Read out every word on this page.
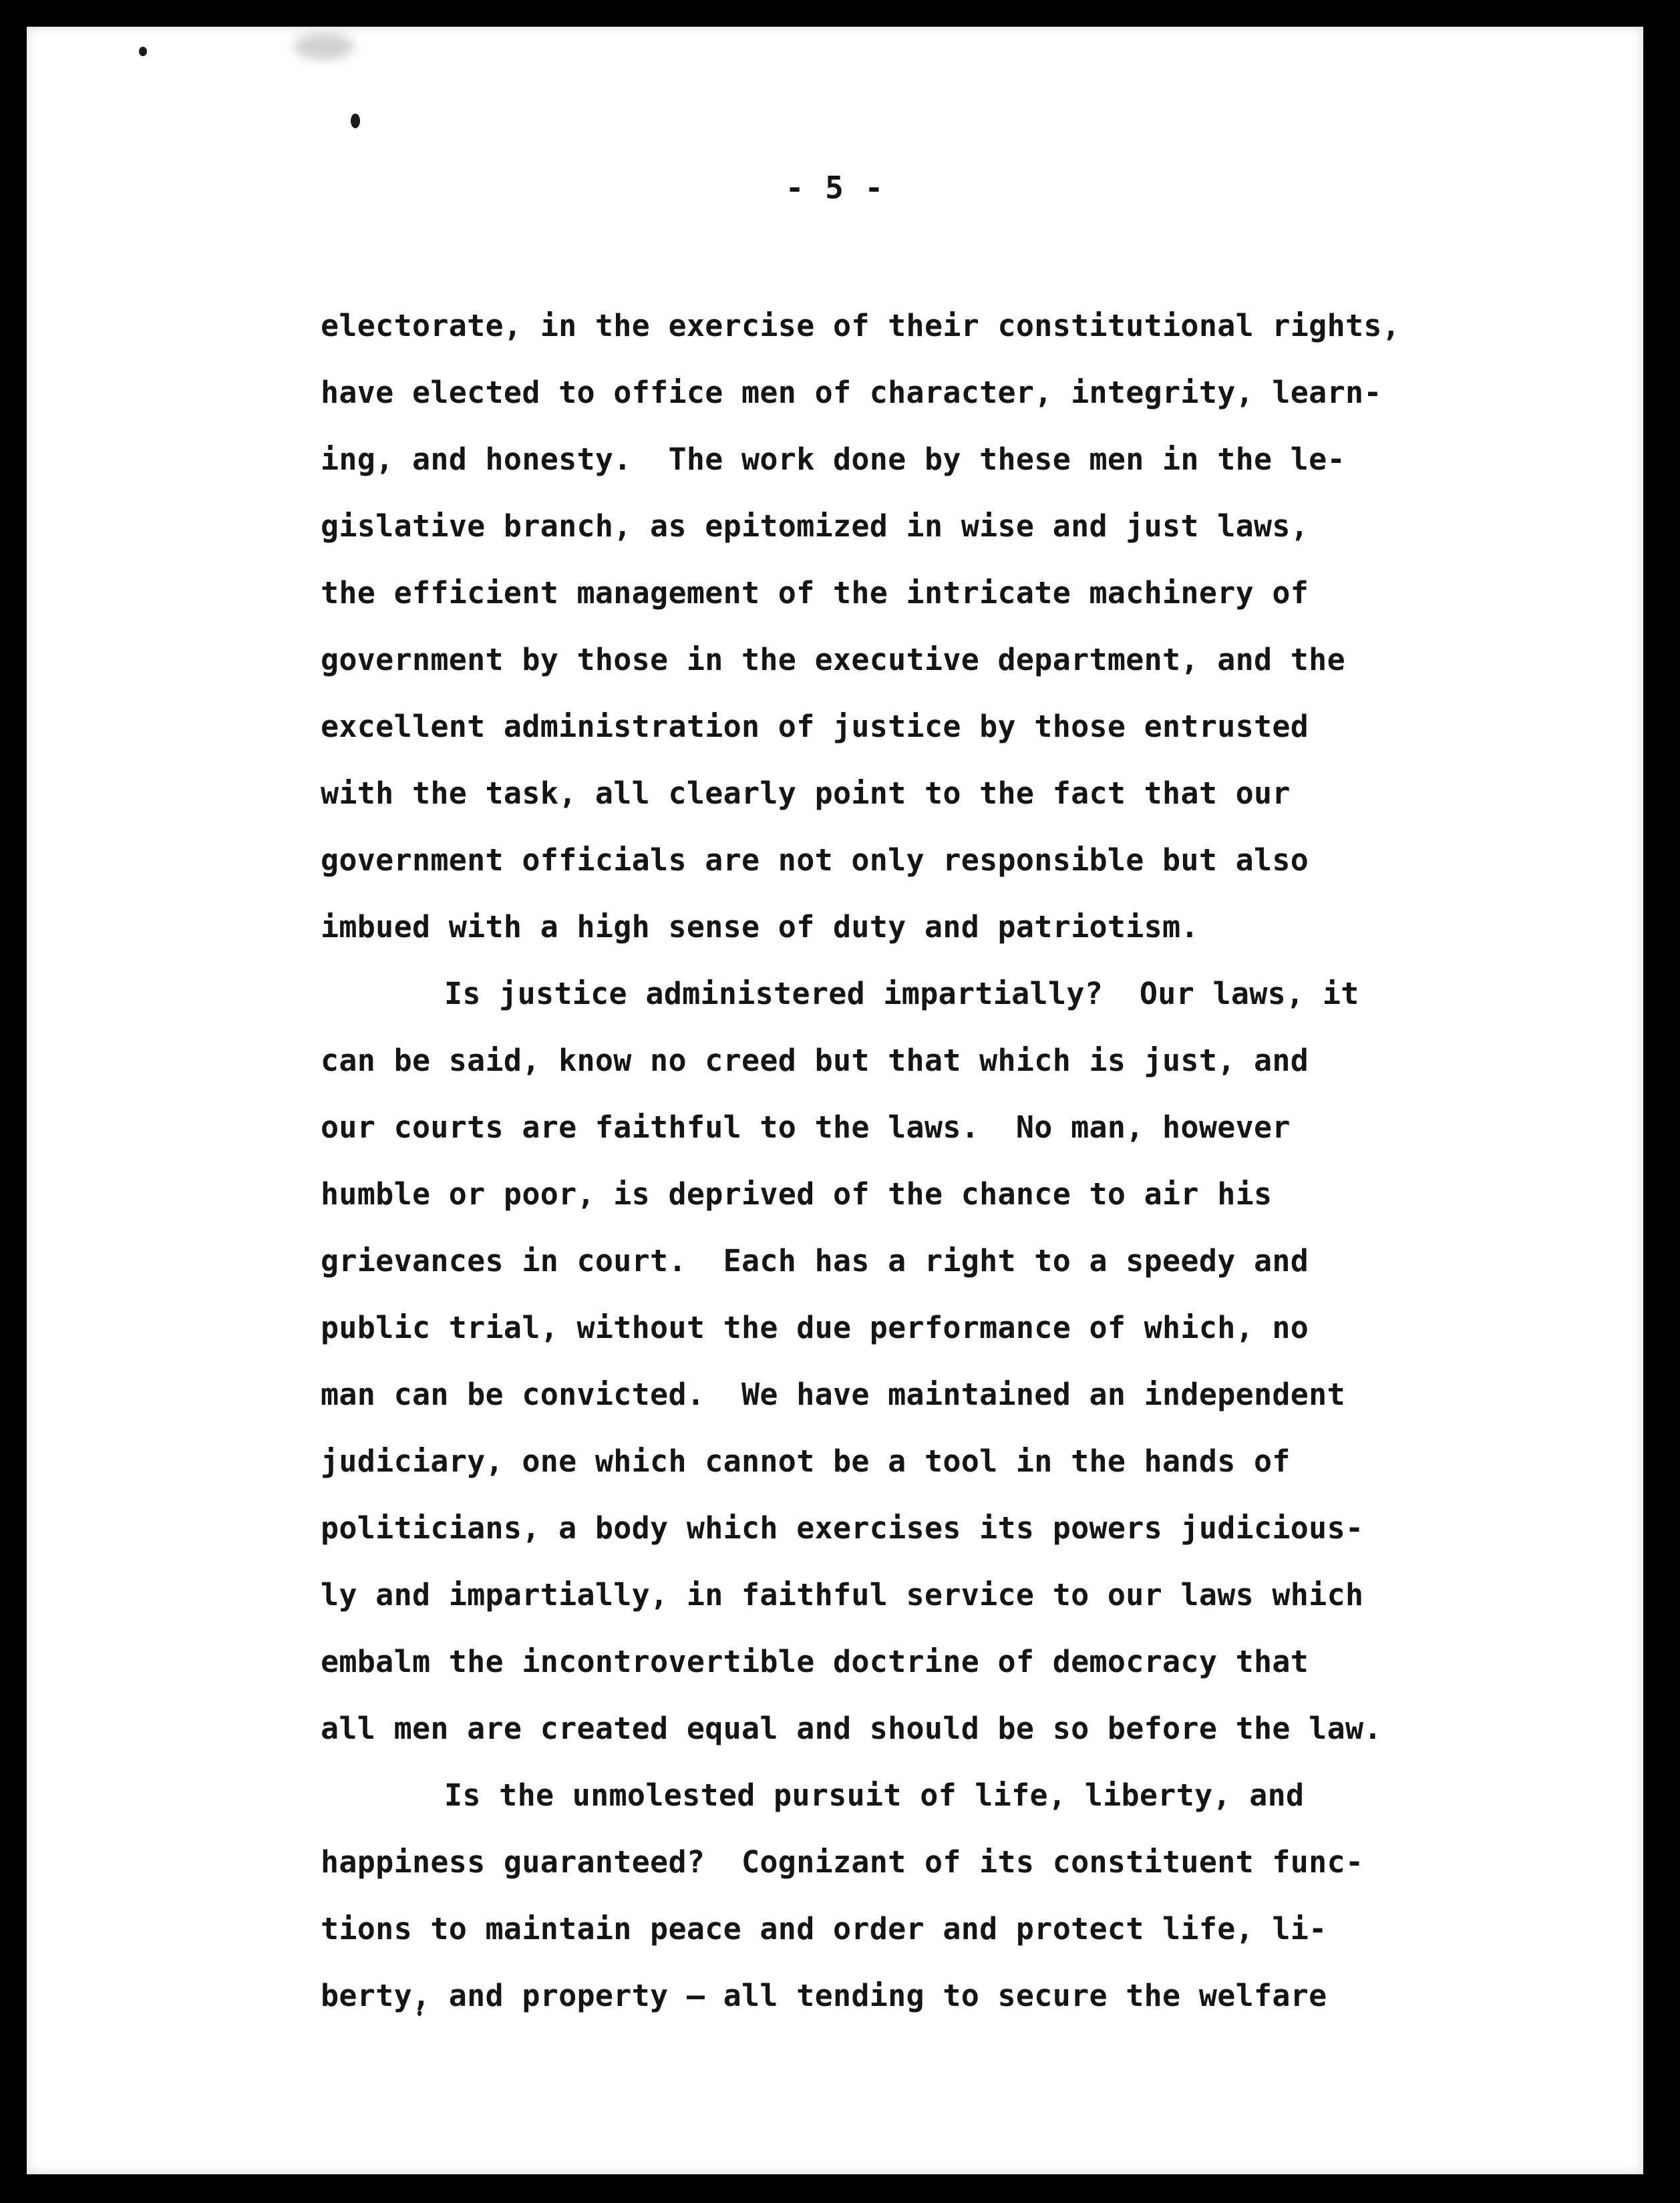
- 5 -
electorate, in the exercise of their constitutional rights,
have elected to office men of character, integrity, learn-
ing, and honesty.  The work done by these men in the le-
gislative branch, as epitomized in wise and just laws,
the efficient management of the intricate machinery of
government by those in the executive department, and the
excellent administration of justice by those entrusted
with the task, all clearly point to the fact that our
government officials are not only responsible but also
imbued with a high sense of duty and patriotism.
Is justice administered impartially?  Our laws, it
can be said, know no creed but that which is just, and
our courts are faithful to the laws.  No man, however
humble or poor, is deprived of the chance to air his
grievances in court.  Each has a right to a speedy and
public trial, without the due performance of which, no
man can be convicted.  We have maintained an independent
judiciary, one which cannot be a tool in the hands of
politicians, a body which exercises its powers judicious-
ly and impartially, in faithful service to our laws which
embalm the incontrovertible doctrine of democracy that
all men are created equal and should be so before the law.
Is the unmolested pursuit of life, liberty, and
happiness guaranteed?  Cognizant of its constituent func-
tions to maintain peace and order and protect life, li-
berty, and property — all tending to secure the welfare
